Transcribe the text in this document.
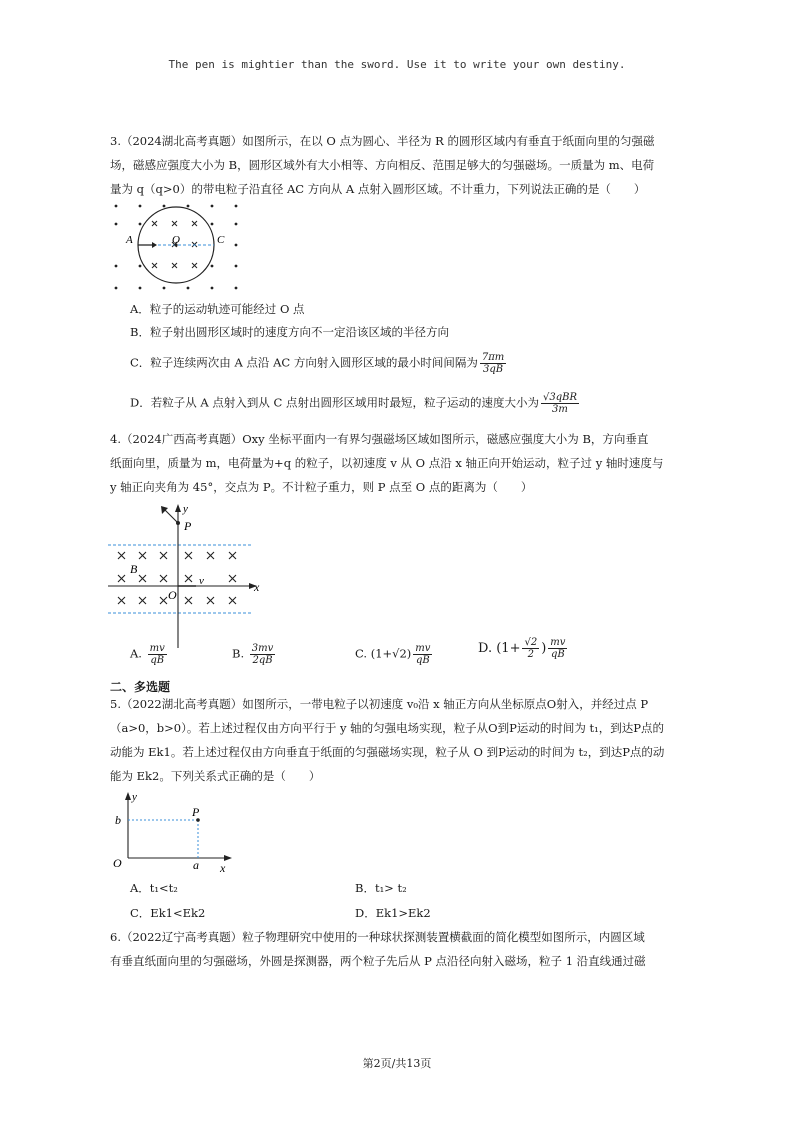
The pen is mightier than the sword. Use it to write your own destiny.
3.（2024湖北高考真题）如图所示，在以 O 点为圆心、半径为 R 的圆形区域内有垂直于纸面向里的匀强磁
场，磁感应强度大小为 B，圆形区域外有大小相等、方向相反、范围足够大的匀强磁场。一质量为 m、电荷
量为 q（q>0）的带电粒子沿直径 AC 方向从 A 点射入圆形区域。不计重力，下列说法正确的是（　　）
A	O	C
A．粒子的运动轨迹可能经过 O 点
B．粒子射出圆形区域时的速度方向不一定沿该区域的半径方向
C．粒子连续两次由 A 点沿 AC 方向射入圆形区域的最小时间间隔为 $\frac{7\pi m}{3qB}$
D．若粒子从 A 点射入到从 C 点射出圆形区域用时最短，粒子运动的速度大小为 $\frac{\text{√3qBR}}{3m}$
4.（2024广西高考真题）Oxy 坐标平面内一有界匀强磁场区域如图所示，磁感应强度大小为 B，方向垂直
纸面向里，质量为 m，电荷量为+q 的粒子，以初速度 v 从 O 点沿 x 轴正向开始运动，粒子过 y 轴时速度与
y 轴正向夹角为 45°，交点为 P。不计粒子重力，则 P 点至 O 点的距离为（　　）
y
P
B
v
O
x
A. $\frac{mv}{qB}$	B. $\frac{3mv}{2qB}$	C. $(1+√2) \frac{mv}{qB}$	D. ($1+ \frac{√2}{2}$ ) $\frac{mv}{qB}$
二、多选题
5.（2022湖北高考真题）如图所示，一带电粒子以初速度 v₀沿 x 轴正方向从坐标原点O射入，并经过点 P
（a>0，b>0）。若上述过程仅由方向平行于 y 轴的匀强电场实现，粒子从O到P运动的时间为 t₁，到达P点的
动能为 Ek1。若上述过程仅由方向垂直于纸面的匀强磁场实现，粒子从 O 到P运动的时间为 t₂，到达P点的动
能为 Ek2。下列关系式正确的是（　　）
y
P
b
O	a x
A．t₁<t₂	B．t₁> t₂
C．Ek1<Ek2	D．Ek1>Ek2
6.（2022辽宁高考真题）粒子物理研究中使用的一种球状探测装置横截面的简化模型如图所示，内圆区域
有垂直纸面向里的匀强磁场，外圆是探测器，两个粒子先后从 P 点沿径向射入磁场，粒子 1 沿直线通过磁
第2页/共13页
